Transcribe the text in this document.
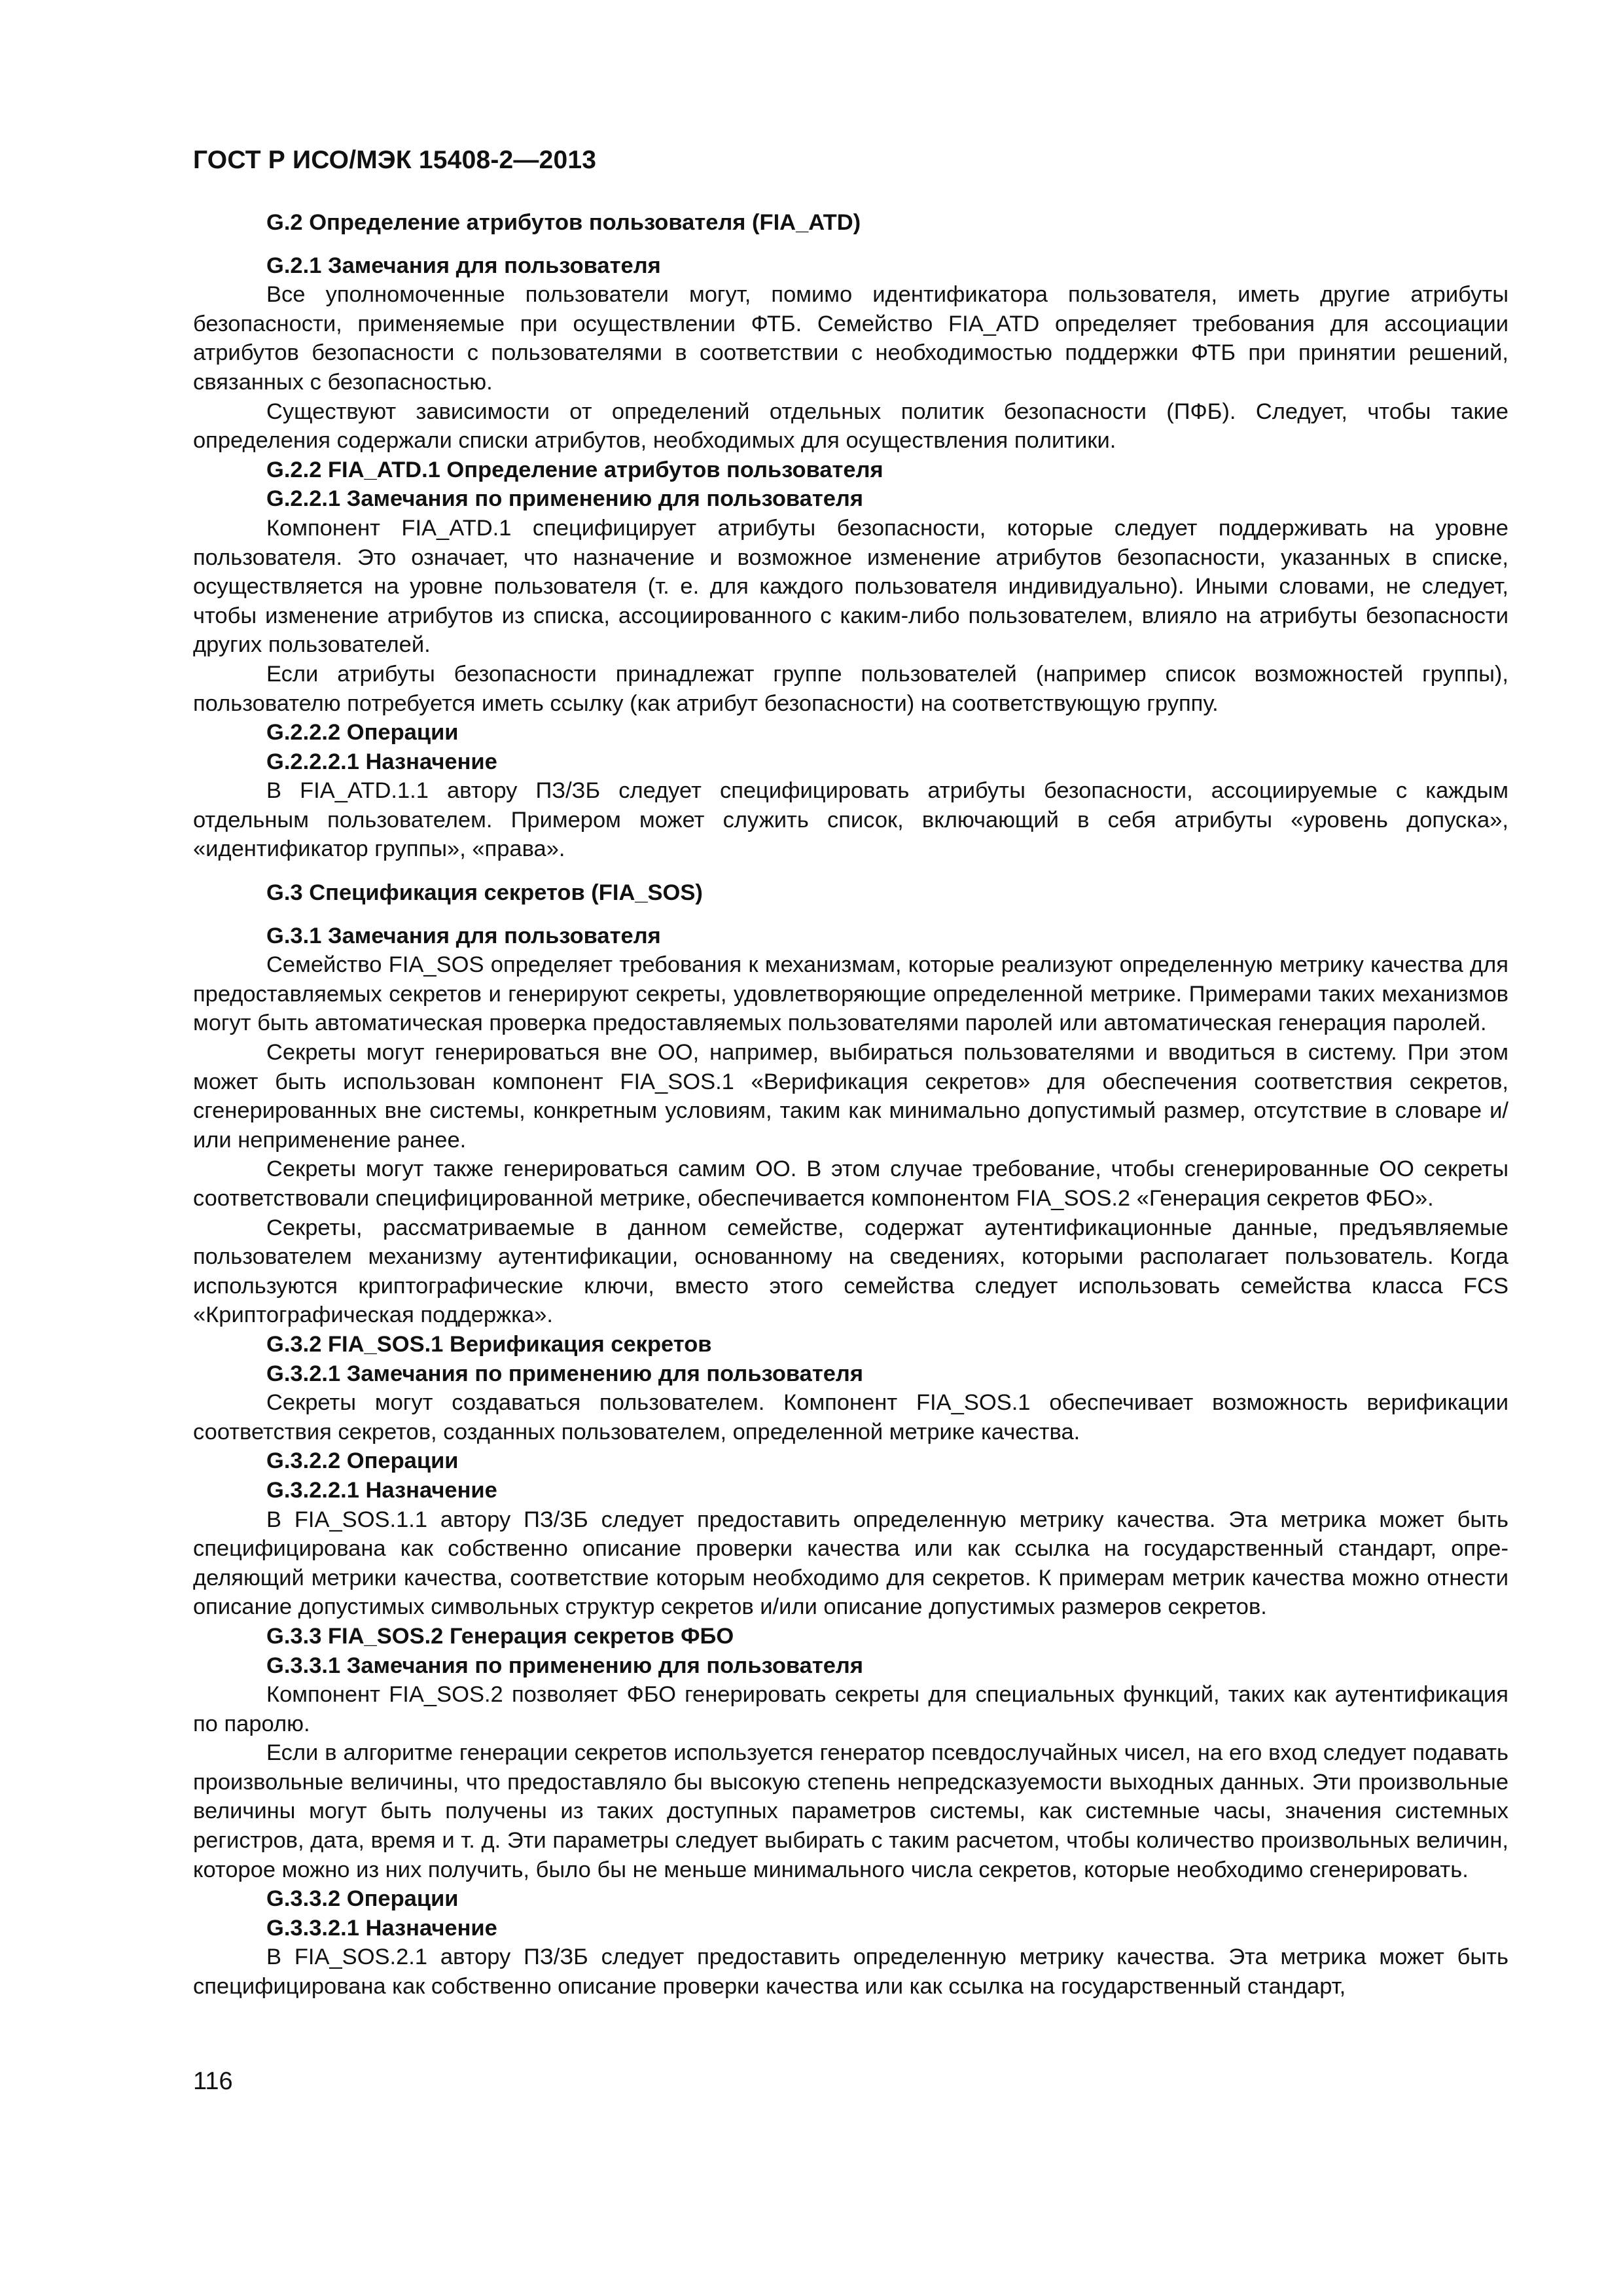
ГОСТ Р ИСО/МЭК 15408-2—2013
G.2 Определение атрибутов пользователя (FIA_ATD)
G.2.1 Замечания для пользователя

Все уполномоченные пользователи могут, помимо идентификатора пользователя, иметь другие атрибуты безопасности, применяемые при осуществлении ФТБ. Семейство FIA_ATD определяет требования для ассоциации атрибутов безопасности с пользователями в соответствии с необходимостью поддержки ФТБ при принятии решений, связанных с безопасностью.

Существуют зависимости от определений отдельных политик безопасности (ПФБ). Следует, чтобы такие определения содержали списки атрибутов, необходимых для осуществления политики.

G.2.2 FIA_ATD.1 Определение атрибутов пользователя
G.2.2.1 Замечания по применению для пользователя

Компонент FIA_ATD.1 специфицирует атрибуты безопасности, которые следует поддерживать на уровне пользователя. Это означает, что назначение и возможное изменение атрибутов безопасности, указанных в списке, осуществляется на уровне пользователя (т. е. для каждого пользователя индивидуально). Иными словами, не следует, чтобы изменение атрибутов из списка, ассоциированного с каким-либо пользователем, влияло на атрибуты безопасности других пользователей.

Если атрибуты безопасности принадлежат группе пользователей (например список возможностей группы), пользователю потребуется иметь ссылку (как атрибут безопасности) на соответствующую группу.

G.2.2.2 Операции
G.2.2.2.1 Назначение

В FIA_ATD.1.1 автору ПЗ/ЗБ следует специфицировать атрибуты безопасности, ассоциируемые с каждым отдельным пользователем. Примером может служить список, включающий в себя атрибуты «уровень допуска», «идентификатор группы», «права».

G.3 Спецификация секретов (FIA_SOS)
G.3.1 Замечания для пользователя

Семейство FIA_SOS определяет требования к механизмам, которые реализуют определенную метрику качества для предоставляемых секретов и генерируют секреты, удовлетворяющие определенной метрике. Примерами таких механизмов могут быть автоматическая проверка предоставляемых пользователями паролей или автоматическая генерация паролей.

Секреты могут генерироваться вне ОО, например, выбираться пользователями и вводиться в систему. При этом может быть использован компонент FIA_SOS.1 «Верификация секретов» для обеспечения соответствия секретов, сгенерированных вне системы, конкретным условиям, таким как минимально допустимый размер, отсутствие в словаре и/или неприменение ранее.

Секреты могут также генерироваться самим ОО. В этом случае требование, чтобы сгенерированные ОО секреты соответствовали специфицированной метрике, обеспечивается компонентом FIA_SOS.2 «Генерация секретов ФБО».

Секреты, рассматриваемые в данном семействе, содержат аутентификационные данные, предъявляемые пользователем механизму аутентификации, основанному на сведениях, которыми располагает пользователь. Когда используются криптографические ключи, вместо этого семейства следует использовать семейства класса FCS «Криптографическая поддержка».

G.3.2 FIA_SOS.1 Верификация секретов
G.3.2.1 Замечания по применению для пользователя

Секреты могут создаваться пользователем. Компонент FIA_SOS.1 обеспечивает возможность верификации соответствия секретов, созданных пользователем, определенной метрике качества.

G.3.2.2 Операции
G.3.2.2.1 Назначение

В FIA_SOS.1.1 автору ПЗ/ЗБ следует предоставить определенную метрику качества. Эта метрика может быть специфицирована как собственно описание проверки качества или как ссылка на государственный стандарт, определяющий метрики качества, соответствие которым необходимо для секретов. К примерам метрик качества можно отнести описание допустимых символьных структур секретов и/или описание допустимых размеров секретов.

G.3.3 FIA_SOS.2 Генерация секретов ФБО
G.3.3.1 Замечания по применению для пользователя

Компонент FIA_SOS.2 позволяет ФБО генерировать секреты для специальных функций, таких как аутентификация по паролю.

Если в алгоритме генерации секретов используется генератор псевдослучайных чисел, на его вход следует подавать произвольные величины, что предоставляло бы высокую степень непредсказуемости выходных данных. Эти произвольные величины могут быть получены из таких доступных параметров системы, как системные часы, значения системных регистров, дата, время и т. д. Эти параметры следует выбирать с таким расчетом, чтобы количество произвольных величин, которое можно из них получить, было бы не меньше минимального числа секретов, которые необходимо сгенерировать.

G.3.3.2 Операции
G.3.3.2.1 Назначение

В FIA_SOS.2.1 автору ПЗ/ЗБ следует предоставить определенную метрику качества. Эта метрика может быть специфицирована как собственно описание проверки качества или как ссылка на государственный стандарт,

116
